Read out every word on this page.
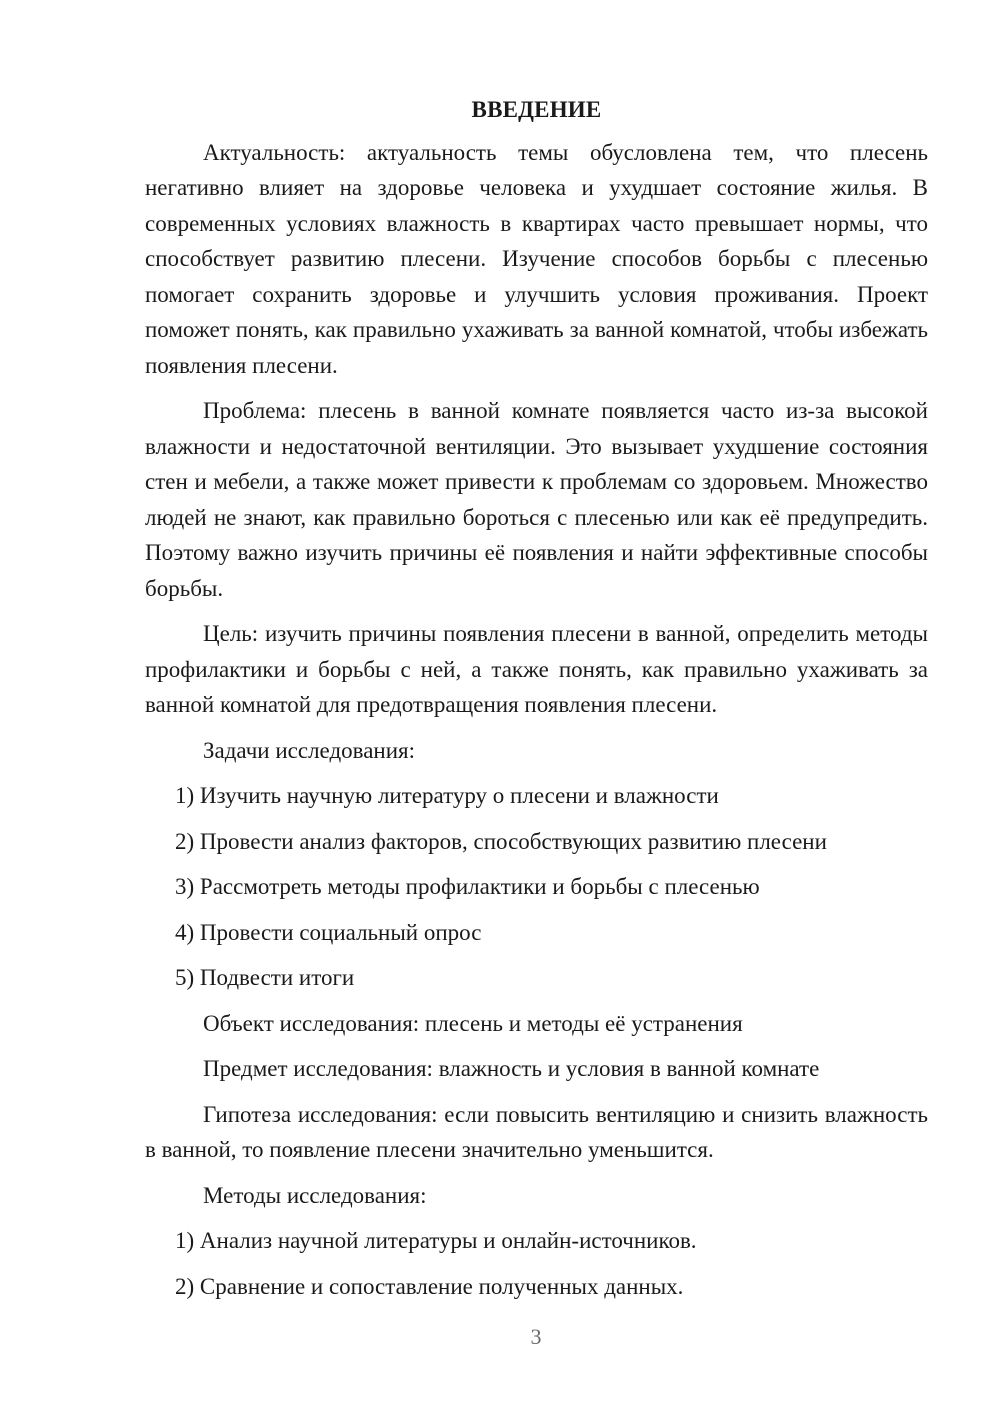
ВВЕДЕНИЕ

Актуальность: актуальность темы обусловлена тем, что плесень негативно влияет на здоровье человека и ухудшает состояние жилья. В современных условиях влажность в квартирах часто превышает нормы, что способствует развитию плесени. Изучение способов борьбы с плесенью помогает сохранить здоровье и улучшить условия проживания. Проект поможет понять, как правильно ухаживать за ванной комнатой, чтобы избежать появления плесени.

Проблема: плесень в ванной комнате появляется часто из-за высокой влажности и недостаточной вентиляции. Это вызывает ухудшение состояния стен и мебели, а также может привести к проблемам со здоровьем. Множество людей не знают, как правильно бороться с плесенью или как её предупредить. Поэтому важно изучить причины её появления и найти эффективные способы борьбы.

Цель: изучить причины появления плесени в ванной, определить методы профилактики и борьбы с ней, а также понять, как правильно ухаживать за ванной комнатой для предотвращения появления плесени.

Задачи исследования:

1) Изучить научную литературу о плесени и влажности

2) Провести анализ факторов, способствующих развитию плесени

3) Рассмотреть методы профилактики и борьбы с плесенью

4) Провести социальный опрос

5) Подвести итоги

Объект исследования: плесень и методы её устранения

Предмет исследования: влажность и условия в ванной комнате

Гипотеза исследования: если повысить вентиляцию и снизить влажность в ванной, то появление плесени значительно уменьшится.

Методы исследования:

1) Анализ научной литературы и онлайн-источников.

2) Сравнение и сопоставление полученных данных.

3
